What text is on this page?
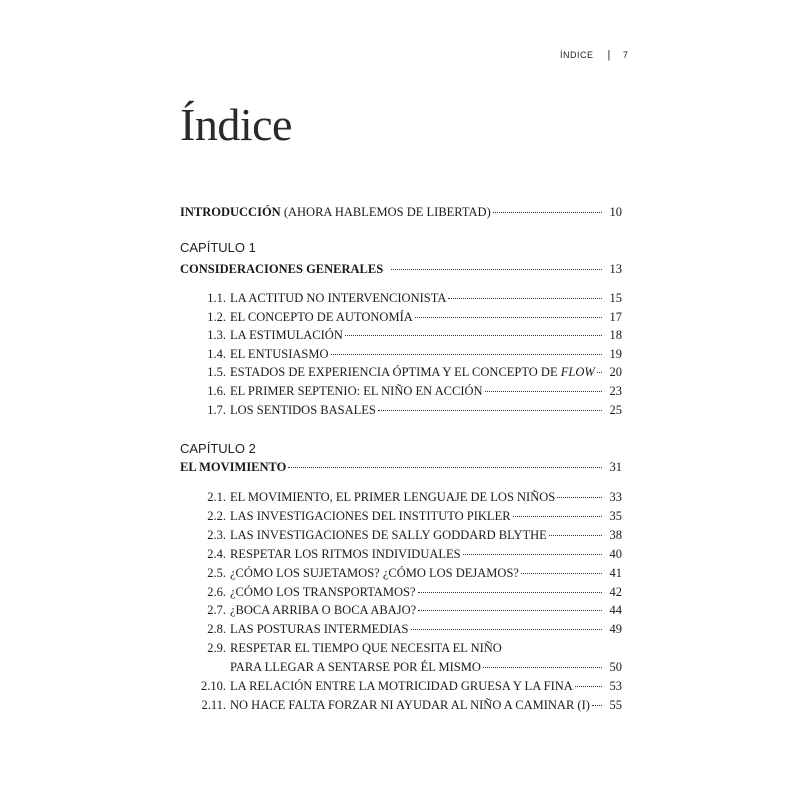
ÍNDICE | 7
Índice
INTRODUCCIÓN (AHORA HABLEMOS DE LIBERTAD)	10
CAPÍTULO 1
CONSIDERACIONES GENERALES	13
1.1. LA ACTITUD NO INTERVENCIONISTA	15
1.2. EL CONCEPTO DE AUTONOMÍA	17
1.3. LA ESTIMULACIÓN	18
1.4. EL ENTUSIASMO	19
1.5. ESTADOS DE EXPERIENCIA ÓPTIMA Y EL CONCEPTO DE FLOW	20
1.6. EL PRIMER SEPTENIO: EL NIÑO EN ACCIÓN	23
1.7. LOS SENTIDOS BASALES	25
CAPÍTULO 2
EL MOVIMIENTO	31
2.1. EL MOVIMIENTO, EL PRIMER LENGUAJE DE LOS NIÑOS	33
2.2. LAS INVESTIGACIONES DEL INSTITUTO PIKLER	35
2.3. LAS INVESTIGACIONES DE SALLY GODDARD BLYTHE	38
2.4. RESPETAR LOS RITMOS INDIVIDUALES	40
2.5. ¿CÓMO LOS SUJETAMOS? ¿CÓMO LOS DEJAMOS?	41
2.6. ¿CÓMO LOS TRANSPORTAMOS?	42
2.7. ¿BOCA ARRIBA O BOCA ABAJO?	44
2.8. LAS POSTURAS INTERMEDIAS	49
2.9. RESPETAR EL TIEMPO QUE NECESITA EL NIÑO
PARA LLEGAR A SENTARSE POR ÉL MISMO	50
2.10. LA RELACIÓN ENTRE LA MOTRICIDAD GRUESA Y LA FINA	53
2.11. NO HACE FALTA FORZAR NI AYUDAR AL NIÑO A CAMINAR (I)	55
